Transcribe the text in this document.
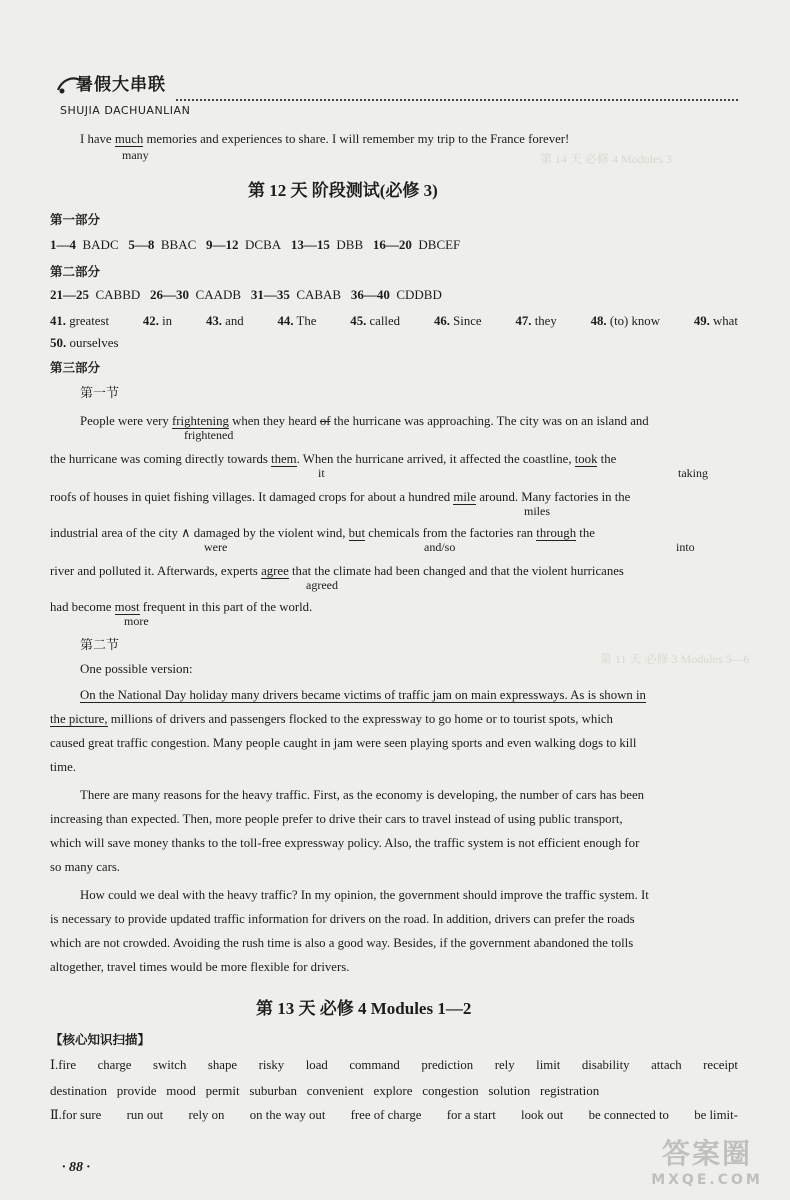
第 14 天 必修 4 Modules 3
第 11 天 必修 3 Modules 5—6
暑假大串联
SHUJIA DACHUANLIAN
I have much memories and experiences to share. I will remember my trip to the France forever!
many
第 12 天 阶段测试(必修 3)
第一部分
1—4 BADC 5—8 BBAC 9—12 DCBA 13—15 DBB 16—20 DBCEF
第二部分
21—25 CABBD 26—30 CAADB 31—35 CABAB 36—40 CDDBD
41. greatest	42. in	43. and	44. The	45. called	46. Since	47. they	48. (to) know	49. what
50. ourselves
第三部分
第一节
People were very frightening when they heard of the hurricane was approaching. The city was on an island and
frightened
the hurricane was coming directly towards them. When the hurricane arrived, it affected the coastline, took the
it	taking
roofs of houses in quiet fishing villages. It damaged crops for about a hundred mile around. Many factories in the
miles
industrial area of the city ∧ damaged by the violent wind, but chemicals from the factories ran through the
were	and/so	into
river and polluted it. Afterwards, experts agree that the climate had been changed and that the violent hurricanes
agreed
had become most frequent in this part of the world.
more
第二节
One possible version:
On the National Day holiday many drivers became victims of traffic jam on main expressways. As is shown in
the picture, millions of drivers and passengers flocked to the expressway to go home or to tourist spots, which
caused great traffic congestion. Many people caught in jam were seen playing sports and even walking dogs to kill
time.
There are many reasons for the heavy traffic. First, as the economy is developing, the number of cars has been
increasing than expected. Then, more people prefer to drive their cars to travel instead of using public transport,
which will save money thanks to the toll-free expressway policy. Also, the traffic system is not efficient enough for
so many cars.
How could we deal with the heavy traffic? In my opinion, the government should improve the traffic system. It
is necessary to provide updated traffic information for drivers on the road. In addition, drivers can prefer the roads
which are not crowded. Avoiding the rush time is also a good way. Besides, if the government abandoned the tolls
altogether, travel times would be more flexible for drivers.
第 13 天 必修 4 Modules 1—2
【核心知识扫描】
Ⅰ.fire charge switch shape risky load command prediction rely limit disability attach receipt
destination provide mood permit suburban convenient explore congestion solution registration
Ⅱ.for sure run out rely on on the way out free of charge for a start look out be connected to be limit-
· 88 ·	答案圈
MXQE.COM
